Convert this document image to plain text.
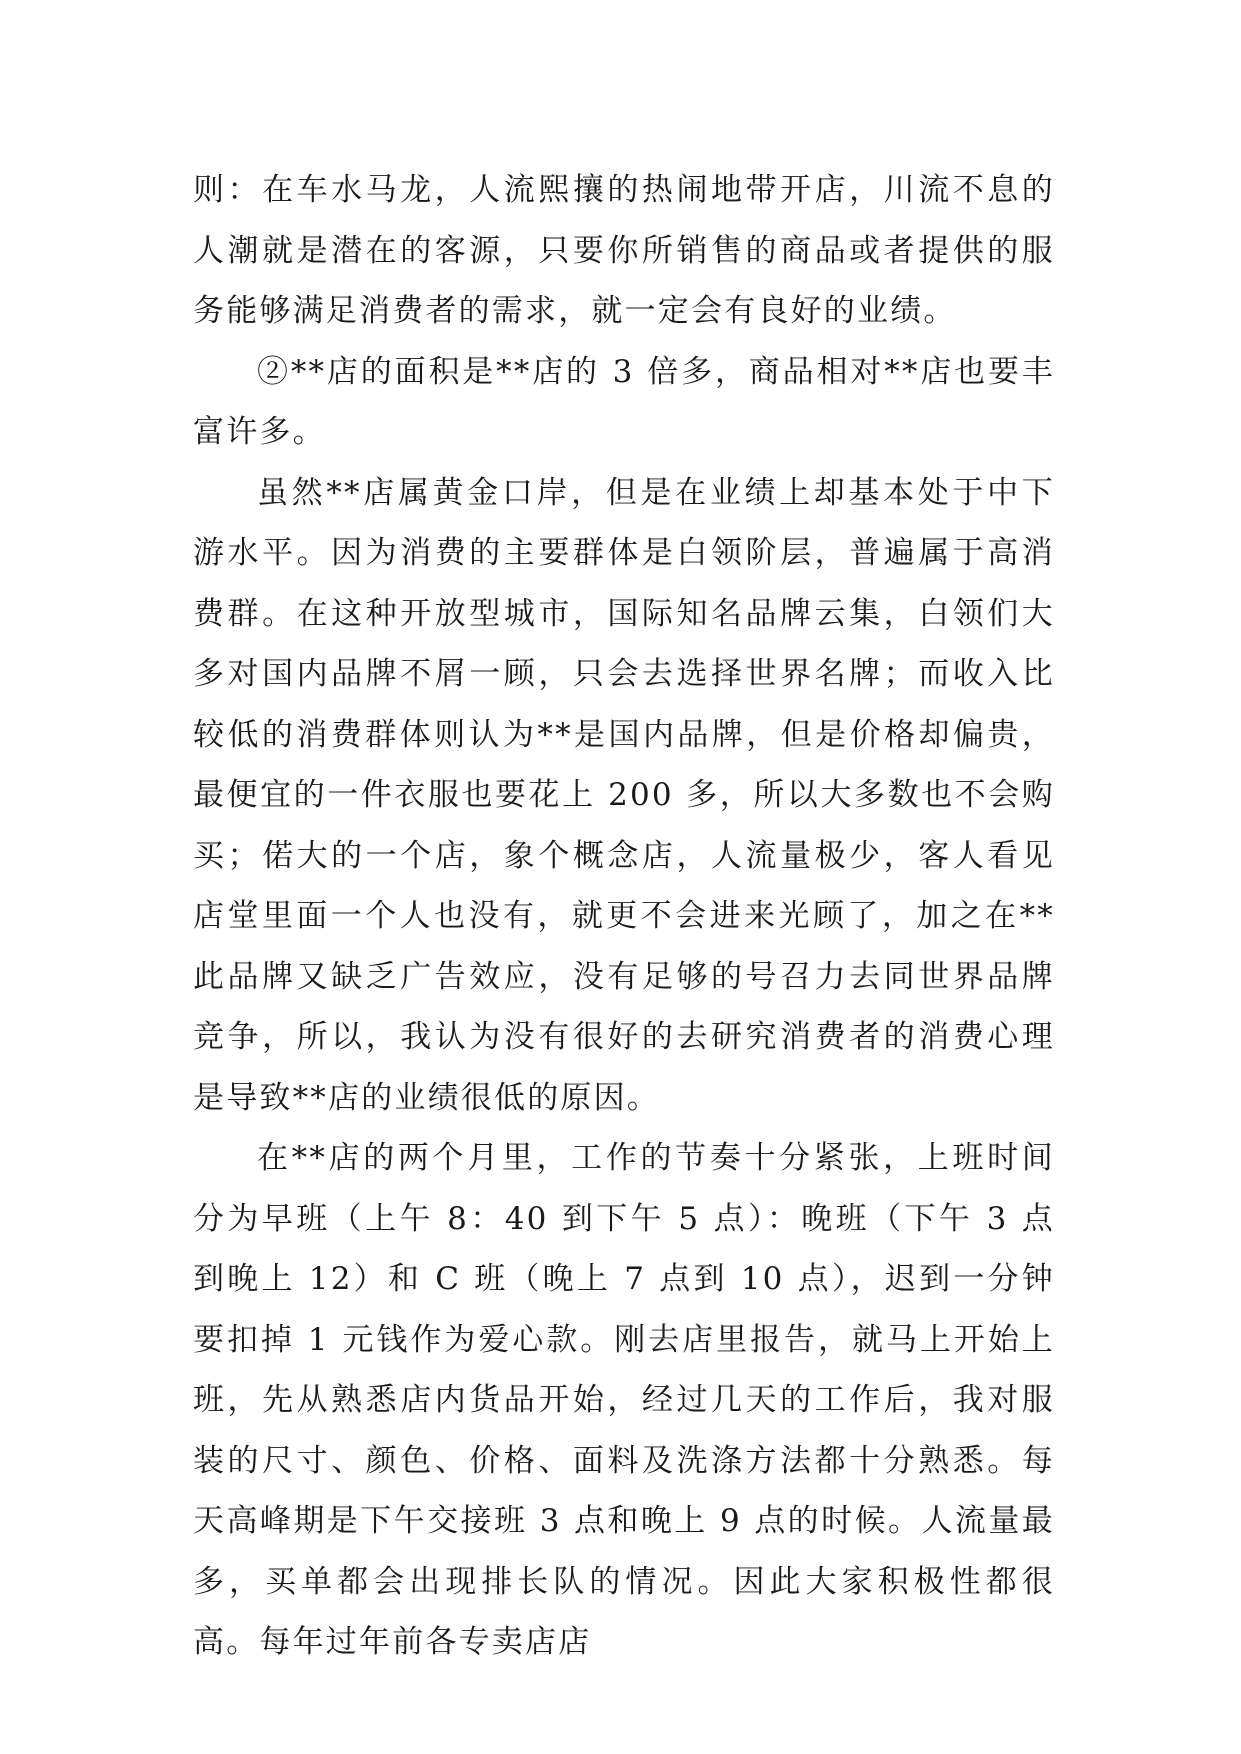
则：在车水马龙，人流熙攘的热闹地带开店，川流不息的人潮就是潜在的客源，只要你所销售的商品或者提供的服务能够满足消费者的需求，就一定会有良好的业绩。

②**店的面积是**店的 3 倍多，商品相对**店也要丰富许多。

虽然**店属黄金口岸，但是在业绩上却基本处于中下游水平。因为消费的主要群体是白领阶层，普遍属于高消费群。在这种开放型城市，国际知名品牌云集，白领们大多对国内品牌不屑一顾，只会去选择世界名牌；而收入比较低的消费群体则认为**是国内品牌，但是价格却偏贵，最便宜的一件衣服也要花上 200 多，所以大多数也不会购买；偌大的一个店，象个概念店，人流量极少，客人看见店堂里面一个人也没有，就更不会进来光顾了，加之在**此品牌又缺乏广告效应，没有足够的号召力去同世界品牌竞争，所以，我认为没有很好的去研究消费者的消费心理是导致**店的业绩很低的原因。

在**店的两个月里，工作的节奏十分紧张，上班时间分为早班（上午 8：40 到下午 5 点）：晚班（下午 3 点到晚上 12）和 C 班（晚上 7 点到 10 点），迟到一分钟要扣掉 1 元钱作为爱心款。刚去店里报告，就马上开始上班，先从熟悉店内货品开始，经过几天的工作后，我对服装的尺寸、颜色、价格、面料及洗涤方法都十分熟悉。每天高峰期是下午交接班 3 点和晚上 9 点的时候。人流量最多，买单都会出现排长队的情况。因此大家积极性都很高。每年过年前各专卖店店
